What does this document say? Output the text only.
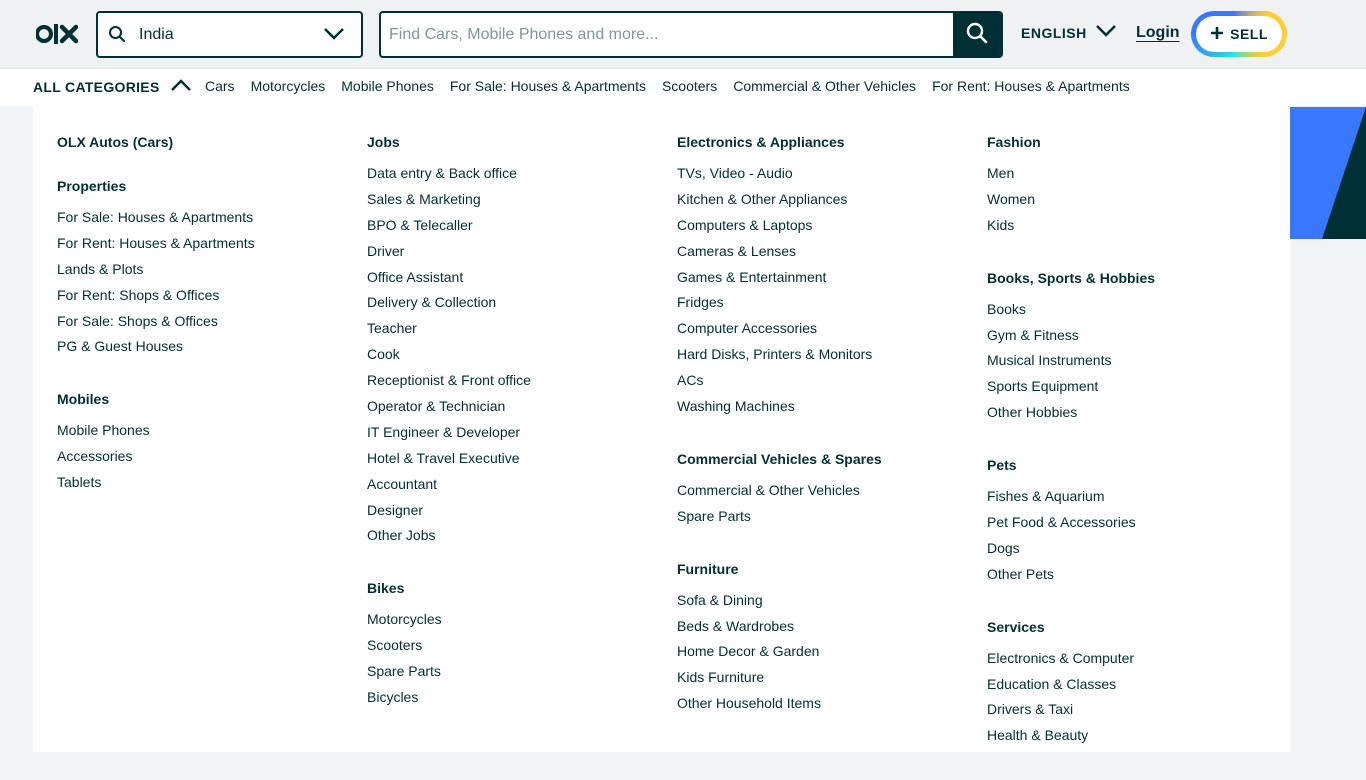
India
Find Cars, Mobile Phones and more...	ENGLISH	Login	SELL
ALL CATEGORIES	Cars Motorcycles Mobile Phones For Sale: Houses & Apartments Scooters Commercial & Other Vehicles For Rent: Houses & Apartments
OLX Autos (Cars)
Properties
For Sale: Houses & Apartments
For Rent: Houses & Apartments
Lands & Plots
For Rent: Shops & Offices
For Sale: Shops & Offices
PG & Guest Houses
Mobiles
Mobile Phones
Accessories
Tablets
Jobs
Data entry & Back office
Sales & Marketing
BPO & Telecaller
Driver
Office Assistant
Delivery & Collection
Teacher
Cook
Receptionist & Front office
Operator & Technician
IT Engineer & Developer
Hotel & Travel Executive
Accountant
Designer
Other Jobs
Bikes
Motorcycles
Scooters
Spare Parts
Bicycles
Electronics & Appliances
TVs, Video - Audio
Kitchen & Other Appliances
Computers & Laptops
Cameras & Lenses
Games & Entertainment
Fridges
Computer Accessories
Hard Disks, Printers & Monitors
ACs
Washing Machines
Commercial Vehicles & Spares
Commercial & Other Vehicles
Spare Parts
Furniture
Sofa & Dining
Beds & Wardrobes
Home Decor & Garden
Kids Furniture
Other Household Items
Fashion
Men
Women
Kids
Books, Sports & Hobbies
Books
Gym & Fitness
Musical Instruments
Sports Equipment
Other Hobbies
Pets
Fishes & Aquarium
Pet Food & Accessories
Dogs
Other Pets
Services
Electronics & Computer
Education & Classes
Drivers & Taxi
Health & Beauty
